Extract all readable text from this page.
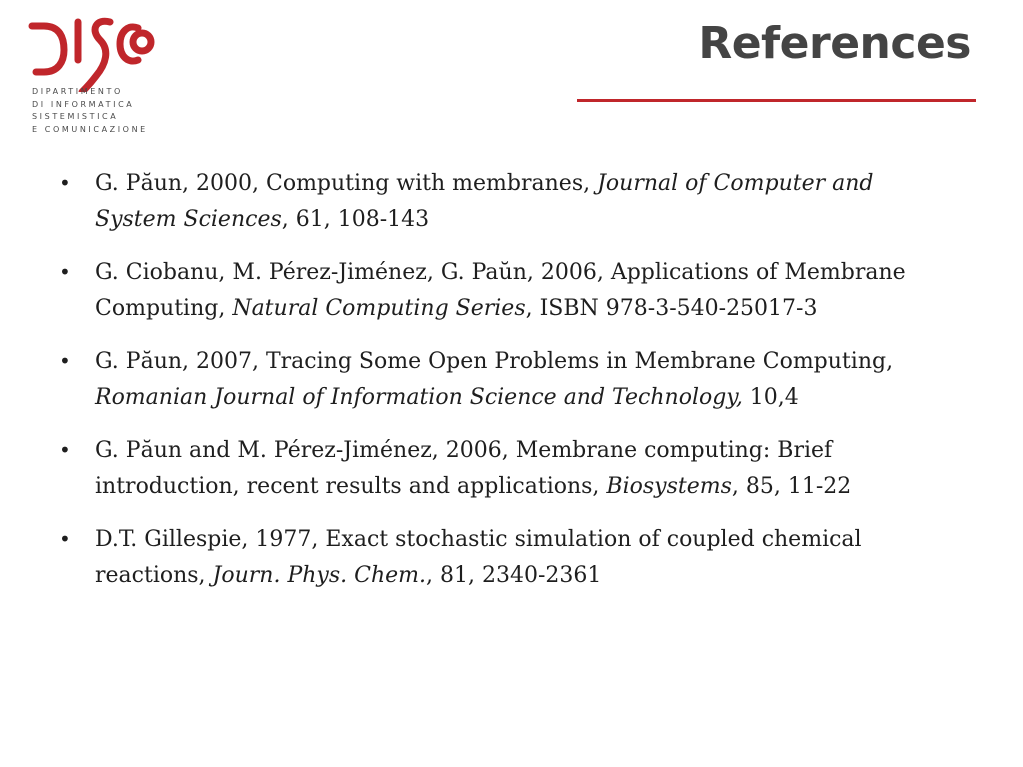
DIPARTIMENTO
DI INFORMATICA
SISTEMISTICA
E COMUNICAZIONE
References
• G. Păun, 2000, Computing with membranes, Journal of Computer and System Sciences, 61, 108-143
• G. Ciobanu, M. Pérez-Jiménez, G. Paŭn, 2006, Applications of Membrane Computing, Natural Computing Series, ISBN 978-3-540-25017-3
• G. Păun, 2007, Tracing Some Open Problems in Membrane Computing, Romanian Journal of Information Science and Technology, 10,4
• G. Păun and M. Pérez-Jiménez, 2006, Membrane computing: Brief introduction, recent results and applications, Biosystems, 85, 11-22
• D.T. Gillespie, 1977, Exact stochastic simulation of coupled chemical reactions, Journ. Phys. Chem., 81, 2340-2361
